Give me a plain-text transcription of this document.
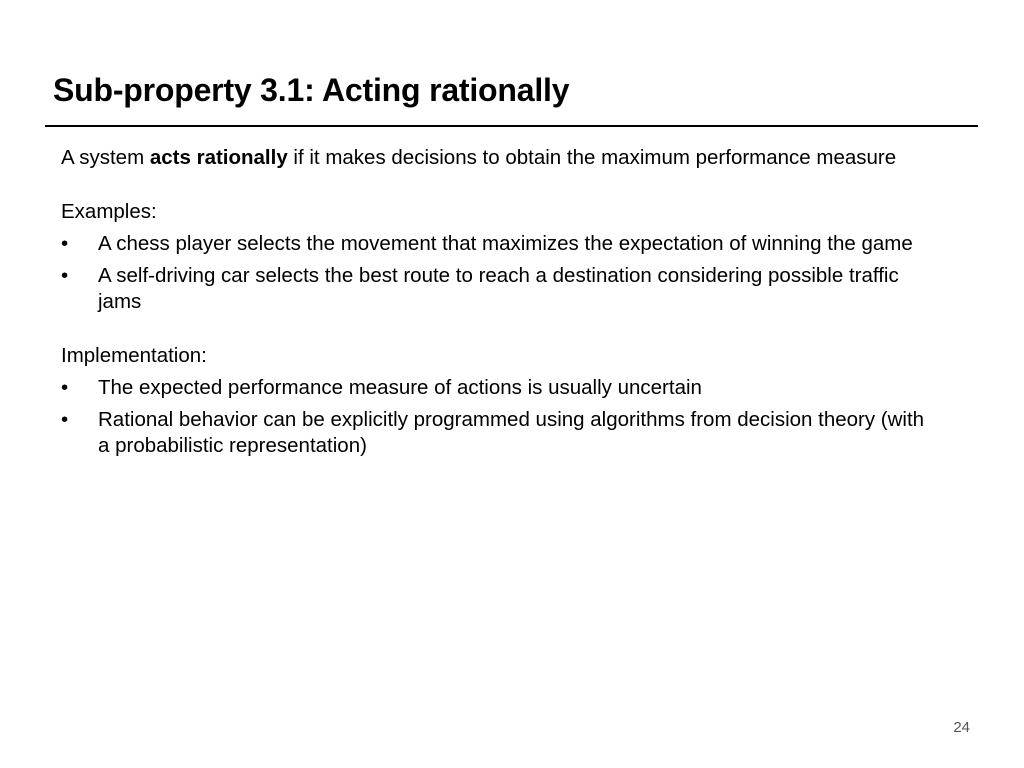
Sub-property 3.1: Acting rationally

A system acts rationally if it makes decisions to obtain the maximum performance measure

Examples:

• A chess player selects the movement that maximizes the expectation of winning the game
• A self-driving car selects the best route to reach a destination considering possible traffic jams

Implementation:

• The expected performance measure of actions is usually uncertain
• Rational behavior can be explicitly programmed using algorithms from decision theory (with a probabilistic representation)
24
